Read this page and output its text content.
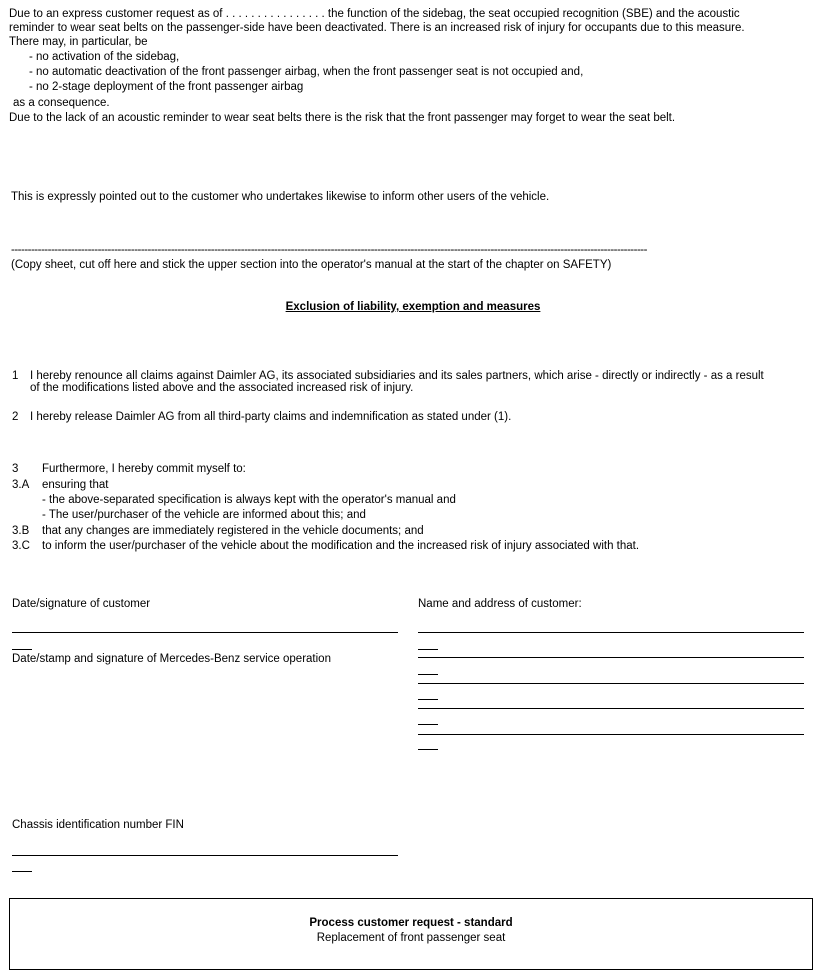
Due to an express customer request as of . . . . . . . . . . . . . . . . the function of the sidebag, the seat occupied recognition (SBE) and the acoustic
reminder to wear seat belts on the passenger-side have been deactivated. There is an increased risk of injury for occupants due to this measure.
There may, in particular, be
- no activation of the sidebag,
- no automatic deactivation of the front passenger airbag, when the front passenger seat is not occupied and,
- no 2-stage deployment of the front passenger airbag
as a consequence.
Due to the lack of an acoustic reminder to wear seat belts there is the risk that the front passenger may forget to wear the seat belt.
This is expressly pointed out to the customer who undertakes likewise to inform other users of the vehicle.
-----------------------------------------------------------------------------------------------------------------------------------------------------------------------------------------------
(Copy sheet, cut off here and stick the upper section into the operator's manual at the start of the chapter on SAFETY)
Exclusion of liability, exemption and measures
1 I hereby renounce all claims against Daimler AG, its associated subsidiaries and its sales partners, which arise - directly or indirectly - as a result
of the modifications listed above and the associated increased risk of injury.
2 I hereby release Daimler AG from all third-party claims and indemnification as stated under (1).
3 Furthermore, I hereby commit myself to:
3.A ensuring that
- the above-separated specification is always kept with the operator's manual and
- The user/purchaser of the vehicle are informed about this; and
3.B that any changes are immediately registered in the vehicle documents; and
3.C to inform the user/purchaser of the vehicle about the modification and the increased risk of injury associated with that.
Date/signature of customer
Date/stamp and signature of Mercedes-Benz service operation
Name and address of customer:
Chassis identification number FIN
Process customer request - standard
Replacement of front passenger seat
